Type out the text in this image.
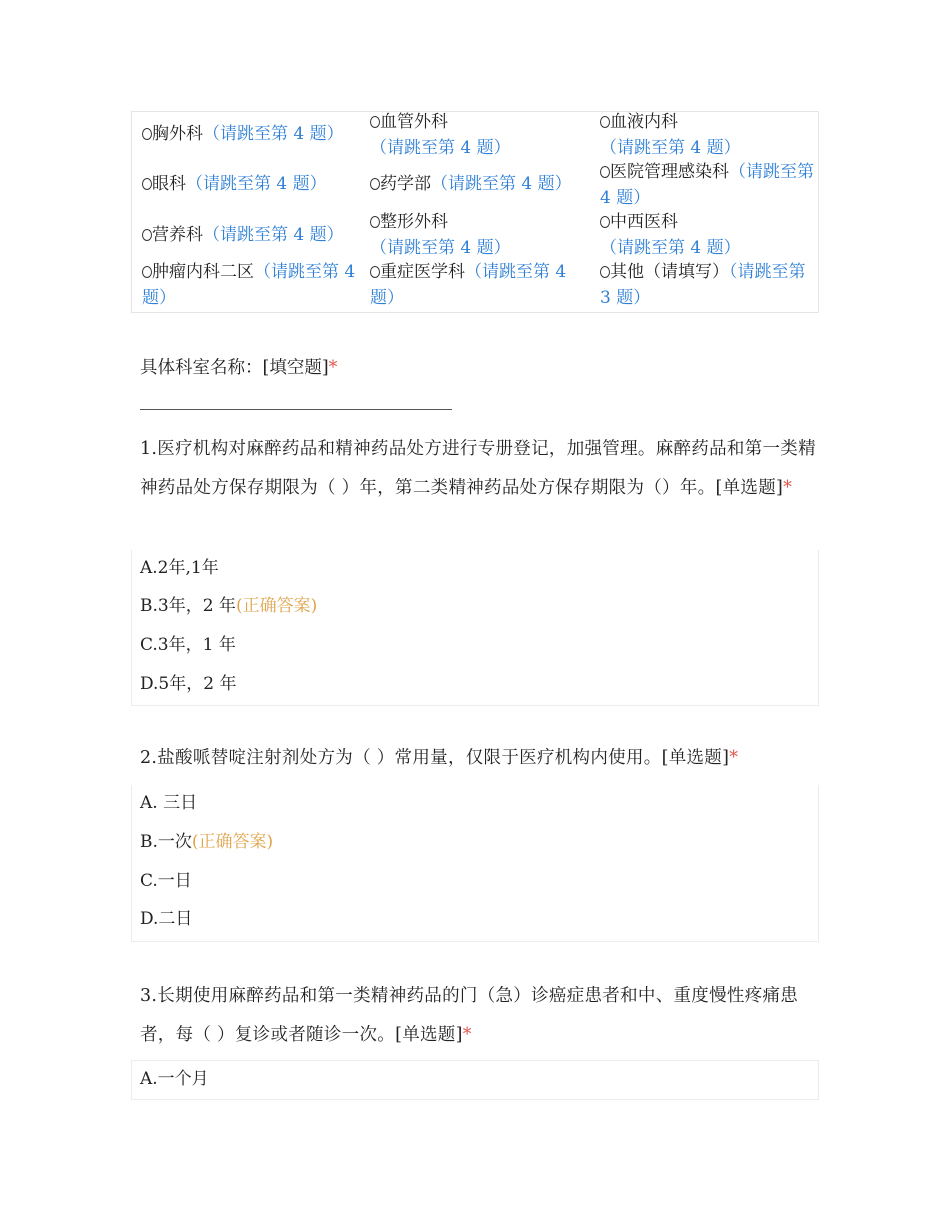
胸外科（请跳至第 4 题）
血管外科（请跳至第 4 题）
血液内科（请跳至第 4 题）
眼科（请跳至第 4 题）	药学部（请跳至第 4 题）
医院管理感染科（请跳至第 4 题）
营养科（请跳至第 4 题）
整形外科（请跳至第 4 题）
中西医科（请跳至第 4 题）
肿瘤内科二区（请跳至第 4 题）
重症医学科（请跳至第 4 题）
其他（请填写）（请跳至第 3 题）
具体科室名称：[填空题]*
1.医疗机构对麻醉药品和精神药品处方进行专册登记，加强管理。麻醉药品和第一类精神药品处方保存期限为（ ）年，第二类精神药品处方保存期限为（）年。[单选题]*
A.2年,1年
B.3年，2 年(正确答案)
C.3年，1 年
D.5年，2 年
2.盐酸哌替啶注射剂处方为（ ）常用量，仅限于医疗机构内使用。[单选题]*
A. 三日
B.一次(正确答案)
C.一日
D.二日
3.长期使用麻醉药品和第一类精神药品的门（急）诊癌症患者和中、重度慢性疼痛患者，每（ ）复诊或者随诊一次。[单选题]*
A.一个月
